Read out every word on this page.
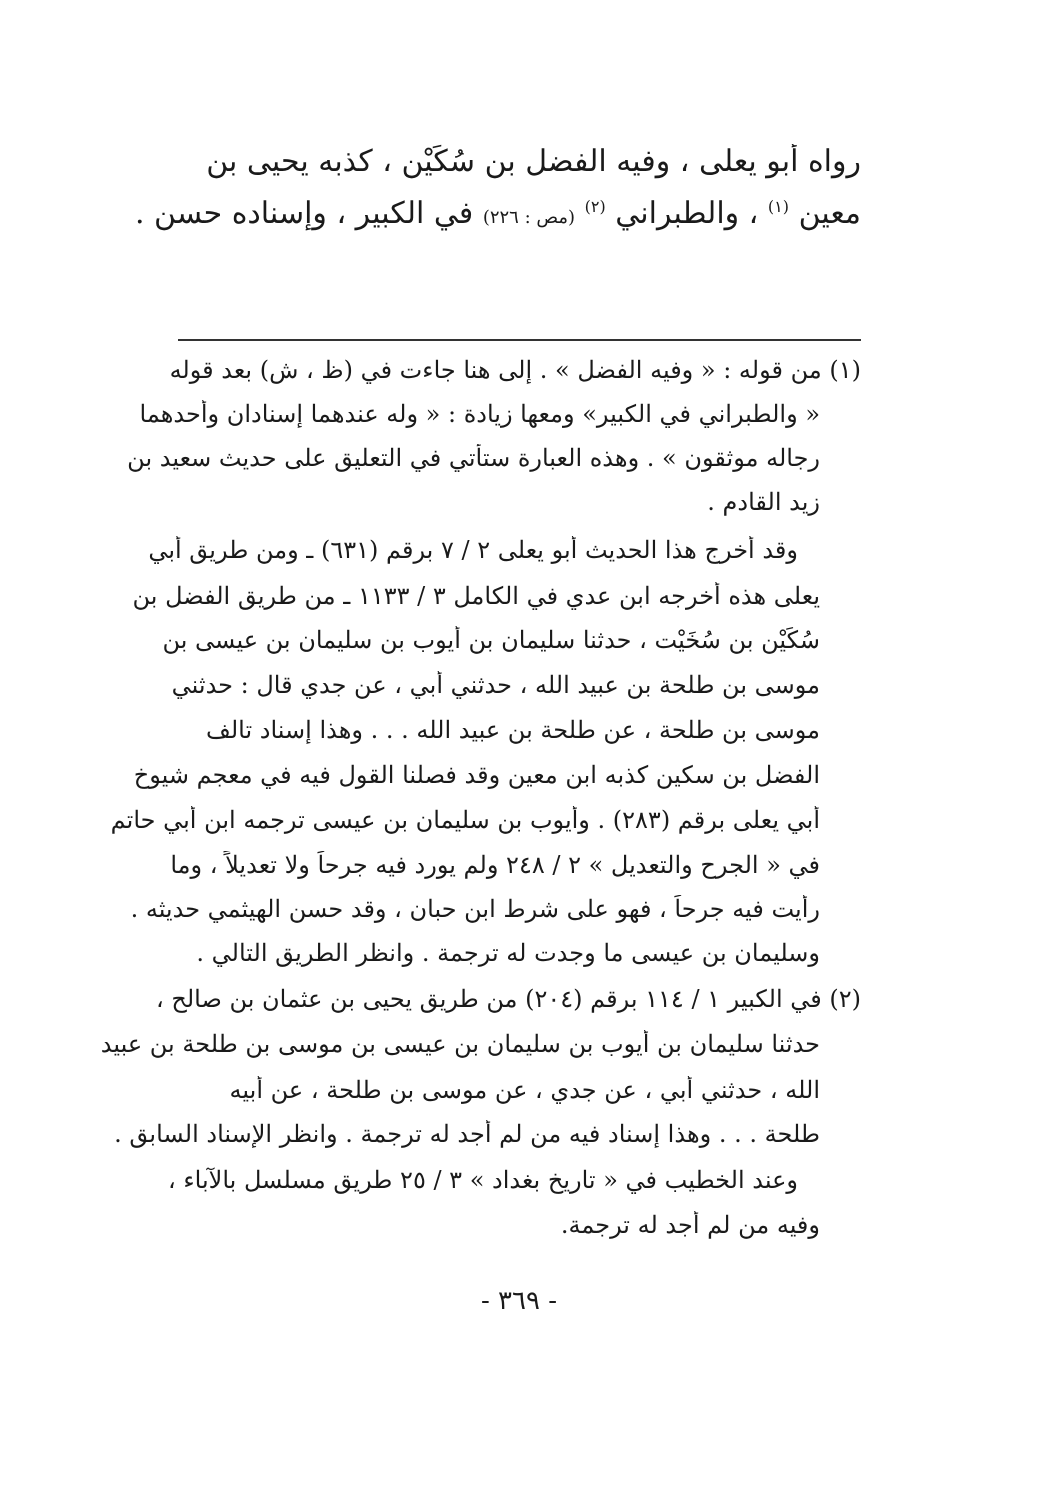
رواه أبو يعلى ، وفيه الفضل بن سُكَيْن ، كذبه يحيى بن
معين $^{(١)}$ ، والطبراني $^{(٢)}$ (مص : ٢٢٦) في الكبير ، وإسناده حسن .
(١) من قوله : « وفيه الفضل » . إلى هنا جاءت في (ظ ، ش) بعد قوله
« والطبراني في الكبير» ومعها زيادة : « وله عندهما إسنادان وأحدهما
رجاله موثقون » . وهذه العبارة ستأتي في التعليق على حديث سعيد بن
زيد القادم .
وقد أخرج هذا الحديث أبو يعلى ٢ / ٧ برقم (٦٣١) ـ ومن طريق أبي
يعلى هذه أخرجه ابن عدي في الكامل ٣ / ١١٣٣ ـ من طريق الفضل بن
سُكَيْن بن سُخَيْت ، حدثنا سليمان بن أيوب بن سليمان بن عيسى بن
موسى بن طلحة بن عبيد الله ، حدثني أبي ، عن جدي قال : حدثني
موسى بن طلحة ، عن طلحة بن عبيد الله . . . وهذا إسناد تالف
الفضل بن سكين كذبه ابن معين وقد فصلنا القول فيه في معجم شيوخ
أبي يعلى برقم (٢٨٣) . وأيوب بن سليمان بن عيسى ترجمه ابن أبي حاتم
في « الجرح والتعديل » ٢ / ٢٤٨ ولم يورد فيه جرحاً ولا تعديلاً ، وما
رأيت فيه جرحاً ، فهو على شرط ابن حبان ، وقد حسن الهيثمي حديثه .
وسليمان بن عيسى ما وجدت له ترجمة . وانظر الطريق التالي .
(٢) في الكبير ١ / ١١٤ برقم (٢٠٤) من طريق يحيى بن عثمان بن صالح ،
حدثنا سليمان بن أيوب بن سليمان بن عيسى بن موسى بن طلحة بن عبيد
الله ، حدثني أبي ، عن جدي ، عن موسى بن طلحة ، عن أبيه
طلحة . . . وهذا إسناد فيه من لم أجد له ترجمة . وانظر الإسناد السابق .
وعند الخطيب في « تاريخ بغداد » ٣ / ٢٥ طريق مسلسل بالآباء ،
وفيه من لم أجد له ترجمة.
- ٣٦٩ -
